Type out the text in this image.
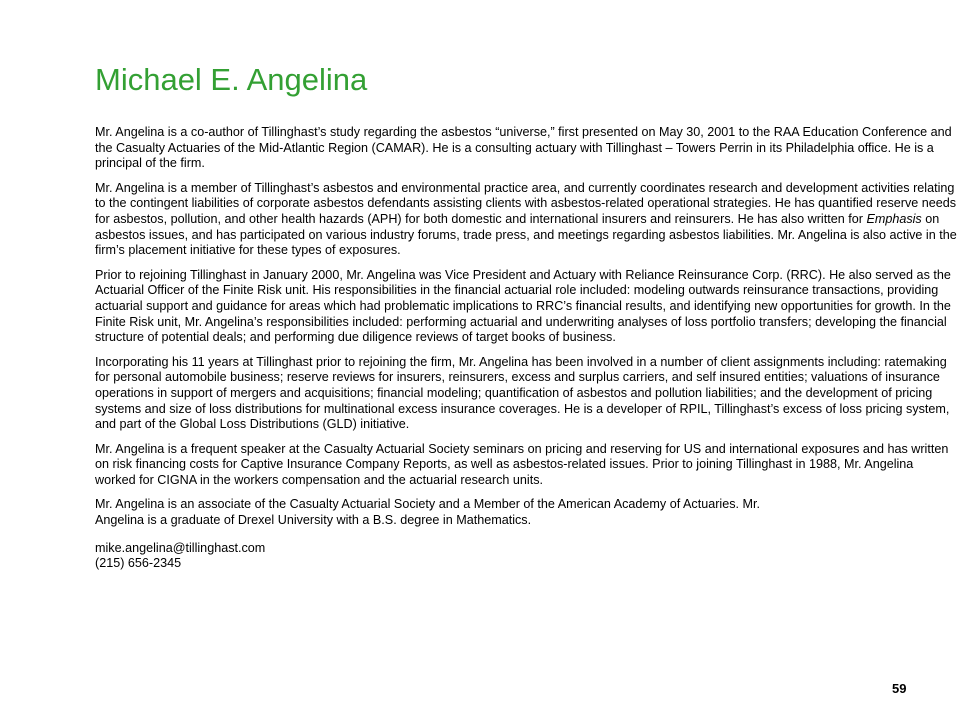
Michael E. Angelina

Mr. Angelina is a co-author of Tillinghast’s study regarding the asbestos “universe,” first presented on May 30, 2001 to the RAA Education Conference and the Casualty Actuaries of the Mid-Atlantic Region (CAMAR). He is a consulting actuary with Tillinghast – Towers Perrin in its Philadelphia office. He is a principal of the firm.

Mr. Angelina is a member of Tillinghast’s asbestos and environmental practice area, and currently coordinates research and development activities relating to the contingent liabilities of corporate asbestos defendants assisting clients with asbestos-related operational strategies. He has quantified reserve needs for asbestos, pollution, and other health hazards (APH) for both domestic and international insurers and reinsurers. He has also written for Emphasis on asbestos issues, and has participated on various industry forums, trade press, and meetings regarding asbestos liabilities. Mr. Angelina is also active in the firm’s placement initiative for these types of exposures.

Prior to rejoining Tillinghast in January 2000, Mr. Angelina was Vice President and Actuary with Reliance Reinsurance Corp. (RRC). He also served as the Actuarial Officer of the Finite Risk unit. His responsibilities in the financial actuarial role included: modeling outwards reinsurance transactions, providing actuarial support and guidance for areas which had problematic implications to RRC’s financial results, and identifying new opportunities for growth. In the Finite Risk unit, Mr. Angelina’s responsibilities included: performing actuarial and underwriting analyses of loss portfolio transfers; developing the financial structure of potential deals; and performing due diligence reviews of target books of business.

Incorporating his 11 years at Tillinghast prior to rejoining the firm, Mr. Angelina has been involved in a number of client assignments including: ratemaking for personal automobile business; reserve reviews for insurers, reinsurers, excess and surplus carriers, and self insured entities; valuations of insurance operations in support of mergers and acquisitions; financial modeling; quantification of asbestos and pollution liabilities; and the development of pricing systems and size of loss distributions for multinational excess insurance coverages. He is a developer of RPIL, Tillinghast’s excess of loss pricing system, and part of the Global Loss Distributions (GLD) initiative.

Mr. Angelina is a frequent speaker at the Casualty Actuarial Society seminars on pricing and reserving for US and international exposures and has written on risk financing costs for Captive Insurance Company Reports, as well as asbestos-related issues. Prior to joining Tillinghast in 1988, Mr. Angelina worked for CIGNA in the workers compensation and the actuarial research units.

Mr. Angelina is an associate of the Casualty Actuarial Society and a Member of the American Academy of Actuaries. Mr. Angelina is a graduate of Drexel University with a B.S. degree in Mathematics.

mike.angelina@tillinghast.com
(215) 656-2345
59
